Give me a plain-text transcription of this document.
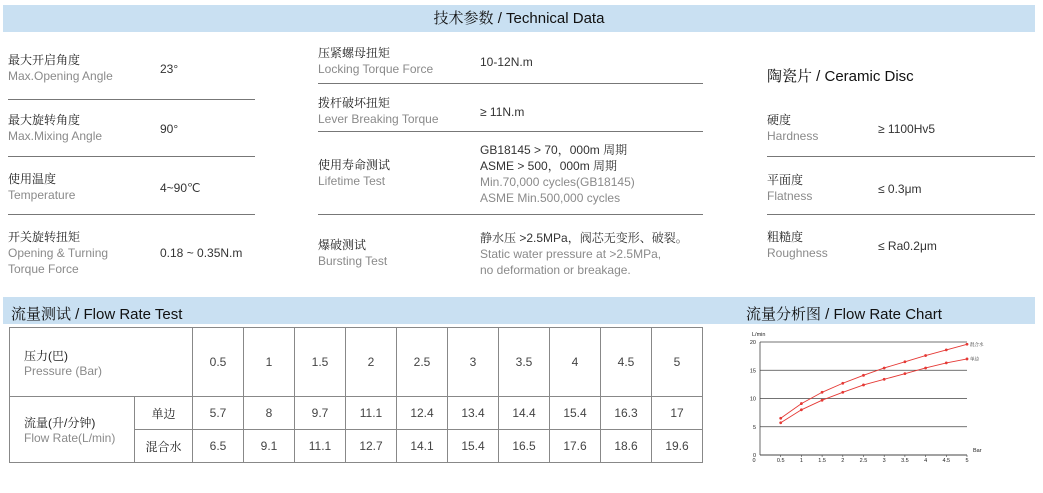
技术参数 / Technical Data
最大开启角度
Max.Opening Angle	23°
最大旋转角度
Max.Mixing Angle	90°
使用温度
Temperature	4~90℃
开关旋转扭矩
Opening & Turning
Torque Force
0.18 ~ 0.35N.m
压紧螺母扭矩
Locking Torque Force	10-12N.m
拨杆破坏扭矩
Lever Breaking Torque	≥ 11N.m
使用寿命测试
Lifetime Test
GB18145 > 70，000m 周期
ASME > 500，000m 周期
Min.70,000 cycles(GB18145)
ASME Min.500,000 cycles
爆破测试
Bursting Test
静水压 >2.5MPa，阀芯无变形、破裂。
Static water pressure at >2.5MPa,
no deformation or breakage.
陶瓷片 / Ceramic Disc
硬度
Hardness	≥ 1100Hv5
平面度
Flatness	≤ 0.3μm
粗糙度
Roughness	≤ Ra0.2μm
流量测试 / Flow Rate Test	流量分析图 / Flow Rate Chart
压力(巴)
Pressure (Bar)		0.5	1	1.5	2	2.5	3	3.5	4	4.5	5

流量(升/分钟)
Flow Rate(L/min)	单边	5.7	8	9.7	11.1	12.4	13.4	14.4	15.4	16.3	17
	混合水	6.5	9.1	11.1	12.7	14.1	15.4	16.5	17.6	18.6	19.6
0
5
10
15
20
0.5	1	1.5	2	2.5	3	3.5	4	4.5	5
0
L/min
Bar
混合水
单边
